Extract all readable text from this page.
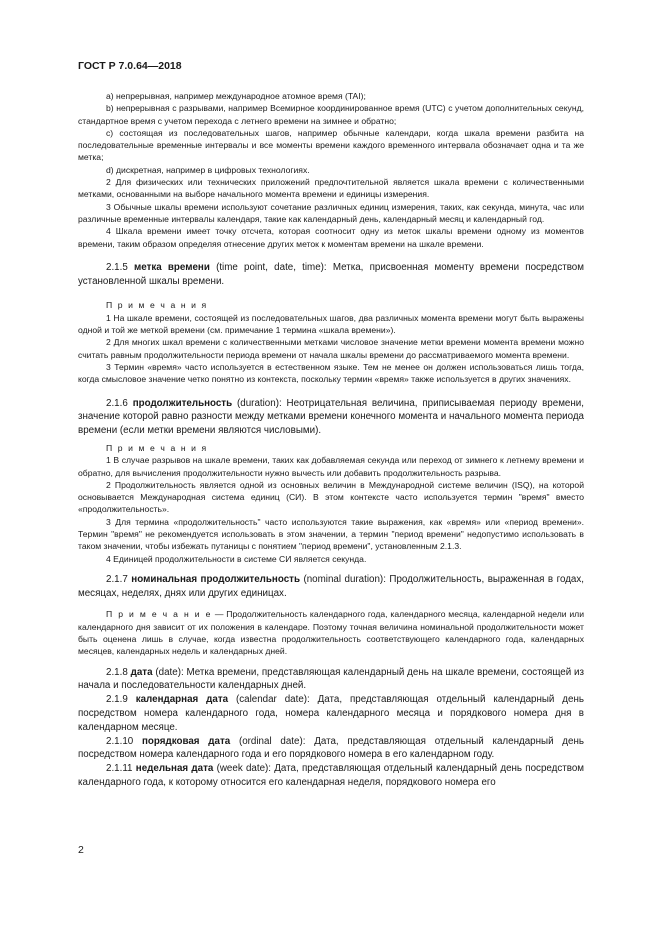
ГОСТ Р 7.0.64—2018

a) непрерывная, например международное атомное время (TAI);

b) непрерывная с разрывами, например Всемирное координированное время (UTC) с учетом дополнительных секунд, стандартное время с учетом перехода с летнего времени на зимнее и обратно;

c) состоящая из последовательных шагов, например обычные календари, когда шкала времени разбита на последовательные временные интервалы и все моменты времени каждого временного интервала обозначает одна и та же метка;

d) дискретная, например в цифровых технологиях.

2 Для физических или технических приложений предпочтительной является шкала времени с количественными метками, основанными на выборе начального момента времени и единицы измерения.

3 Обычные шкалы времени используют сочетание различных единиц измерения, таких, как секунда, минута, час или различные временные интервалы календаря, такие как календарный день, календарный месяц и календарный год.

4 Шкала времени имеет точку отсчета, которая соотносит одну из меток шкалы времени одному из моментов времени, таким образом определяя отнесение других меток к моментам времени на шкале времени.

2.1.5 метка времени (time point, date, time): Метка, присвоенная моменту времени посредством установленной шкалы времени.

П р и м е ч а н и я

1 На шкале времени, состоящей из последовательных шагов, два различных момента времени могут быть выражены одной и той же меткой времени (см. примечание 1 термина «шкала времени»).

2 Для многих шкал времени с количественными метками числовое значение метки времени момента времени можно считать равным продолжительности периода времени от начала шкалы времени до рассматриваемого момента времени.

3 Термин «время» часто используется в естественном языке. Тем не менее он должен использоваться лишь тогда, когда смысловое значение четко понятно из контекста, поскольку термин «время» также используется в других значениях.

2.1.6 продолжительность (duration): Неотрицательная величина, приписываемая периоду времени, значение которой равно разности между метками времени конечного момента и начального момента периода времени (если метки времени являются числовыми).

П р и м е ч а н и я

1 В случае разрывов на шкале времени, таких как добавляемая секунда или переход от зимнего к летнему времени и обратно, для вычисления продолжительности нужно вычесть или добавить продолжительность разрыва.

2 Продолжительность является одной из основных величин в Международной системе величин (ISQ), на которой основывается Международная система единиц (СИ). В этом контексте часто используется термин "время" вместо «продолжительность».

3 Для термина «продолжительность" часто используются такие выражения, как «время» или «период времени». Термин "время" не рекомендуется использовать в этом значении, а термин "период времени" недопустимо использовать в таком значении, чтобы избежать путаницы с понятием "период времени", установленным 2.1.3.

4 Единицей продолжительности в системе СИ является секунда.

2.1.7 номинальная продолжительность (nominal duration): Продолжительность, выраженная в годах, месяцах, неделях, днях или других единицах.

П р и м е ч а н и е — Продолжительность календарного года, календарного месяца, календарной недели или календарного дня зависит от их положения в календаре. Поэтому точная величина номинальной продолжительности может быть оценена лишь в случае, когда известна продолжительность соответствующего календарного года, календарных месяцев, календарных недель и календарных дней.

2.1.8 дата (date): Метка времени, представляющая календарный день на шкале времени, состоящей из начала и последовательности календарных дней.

2.1.9 календарная дата (calendar date): Дата, представляющая отдельный календарный день посредством номера календарного года, номера календарного месяца и порядкового номера дня в календарном месяце.

2.1.10 порядковая дата (ordinal date): Дата, представляющая отдельный календарный день посредством номера календарного года и его порядкового номера в его календарном году.

2.1.11 недельная дата (week date): Дата, представляющая отдельный календарный день посредством календарного года, к которому относится его календарная неделя, порядкового номера его

2
